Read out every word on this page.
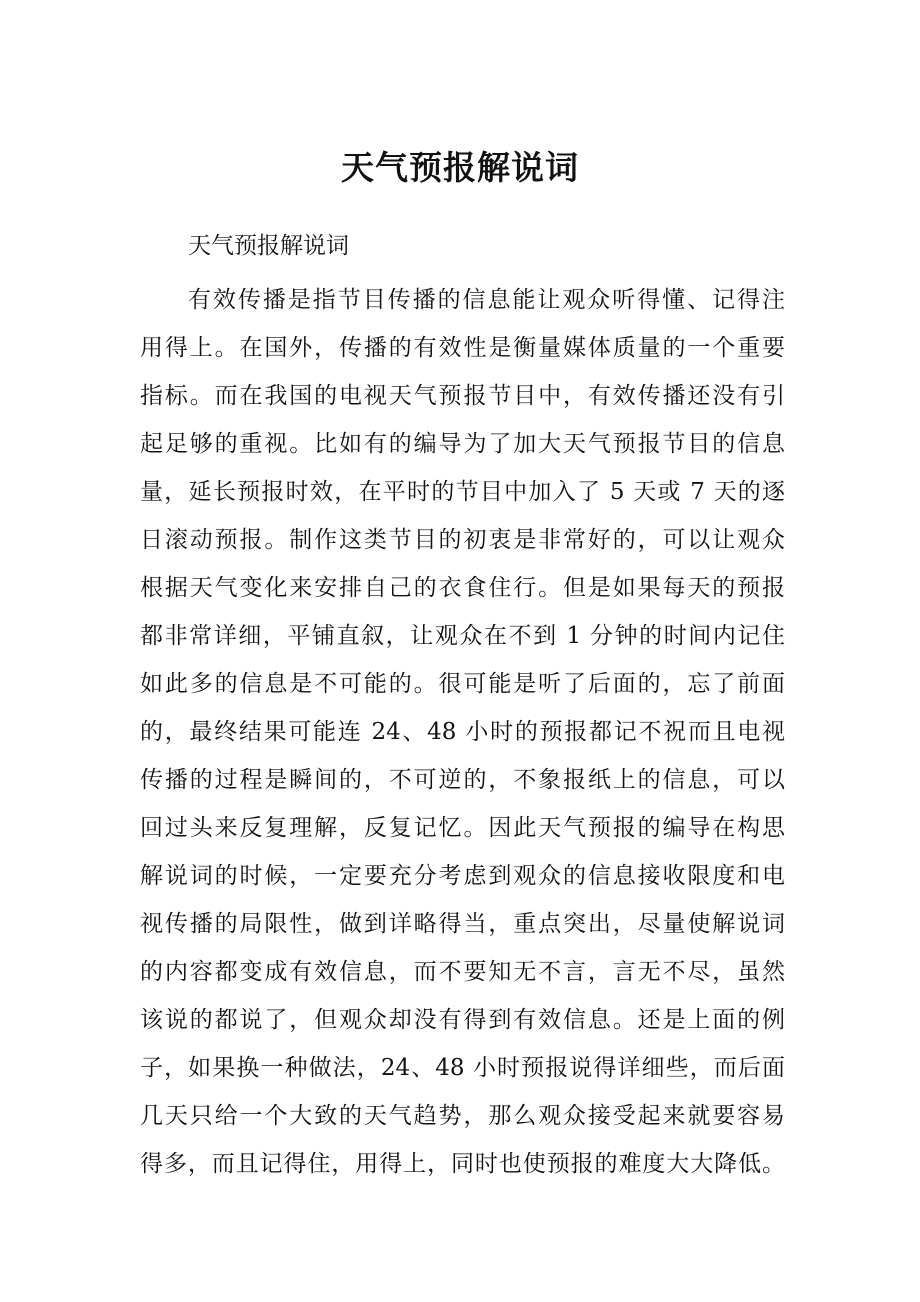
天气预报解说词

天气预报解说词

有效传播是指节目传播的信息能让观众听得懂、记得注
用得上。在国外，传播的有效性是衡量媒体质量的一个重要
指标。而在我国的电视天气预报节目中，有效传播还没有引
起足够的重视。比如有的编导为了加大天气预报节目的信息
量，延长预报时效，在平时的节目中加入了 5 天或 7 天的逐
日滚动预报。制作这类节目的初衷是非常好的，可以让观众
根据天气变化来安排自己的衣食住行。但是如果每天的预报
都非常详细，平铺直叙，让观众在不到 1 分钟的时间内记住
如此多的信息是不可能的。很可能是听了后面的，忘了前面
的，最终结果可能连 24、48 小时的预报都记不祝而且电视
传播的过程是瞬间的，不可逆的，不象报纸上的信息，可以
回过头来反复理解，反复记忆。因此天气预报的编导在构思
解说词的时候，一定要充分考虑到观众的信息接收限度和电
视传播的局限性，做到详略得当，重点突出，尽量使解说词
的内容都变成有效信息，而不要知无不言，言无不尽，虽然
该说的都说了，但观众却没有得到有效信息。还是上面的例
子，如果换一种做法，24、48 小时预报说得详细些，而后面
几天只给一个大致的天气趋势，那么观众接受起来就要容易
得多，而且记得住，用得上，同时也使预报的难度大大降低。
